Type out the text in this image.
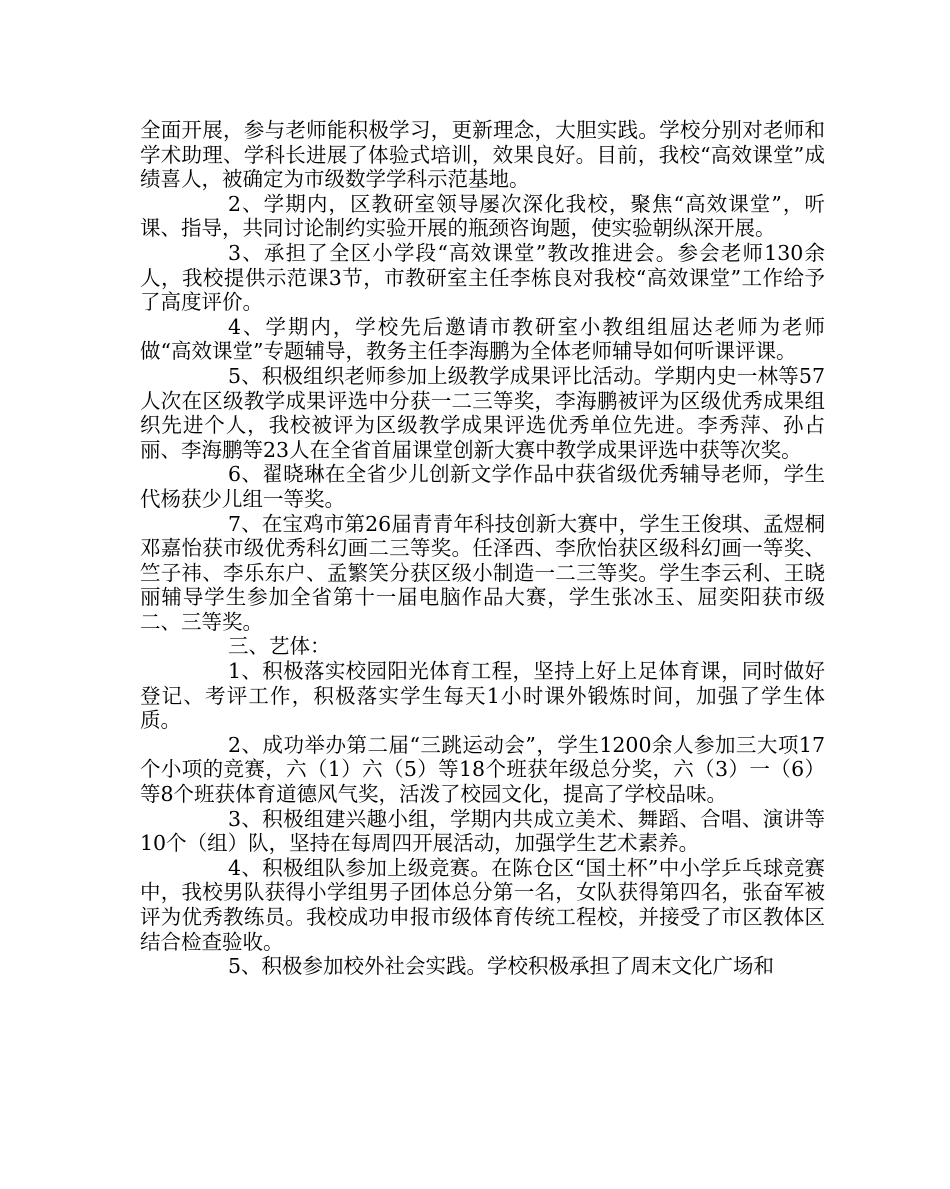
全面开展，参与老师能积极学习，更新理念，大胆实践。学校分别对老师和学术助理、学科长进展了体验式培训，效果良好。目前，我校“高效课堂”成绩喜人，被确定为市级数学学科示范基地。

2、学期内，区教研室领导屡次深化我校，聚焦“高效课堂”，听课、指导，共同讨论制约实验开展的瓶颈咨询题，使实验朝纵深开展。

3、承担了全区小学段“高效课堂”教改推进会。参会老师130余人，我校提供示范课3节，市教研室主任李栋良对我校“高效课堂”工作给予了高度评价。

4、学期内，学校先后邀请市教研室小教组组屈达老师为老师做“高效课堂”专题辅导，教务主任李海鹏为全体老师辅导如何听课评课。

5、积极组织老师参加上级教学成果评比活动。学期内史一林等57人次在区级教学成果评选中分获一二三等奖，李海鹏被评为区级优秀成果组织先进个人，我校被评为区级教学成果评选优秀单位先进。李秀萍、孙占丽、李海鹏等23人在全省首届课堂创新大赛中教学成果评选中获等次奖。

6、翟晓琳在全省少儿创新文学作品中获省级优秀辅导老师，学生代杨获少儿组一等奖。

7、在宝鸡市第26届青青年科技创新大赛中，学生王俊琪、孟煜桐邓嘉怡获市级优秀科幻画二三等奖。任泽西、李欣怡获区级科幻画一等奖、竺子祎、李乐东户、孟繁笑分获区级小制造一二三等奖。学生李云利、王晓丽辅导学生参加全省第十一届电脑作品大赛，学生张冰玉、屈奕阳获市级二、三等奖。

三、艺体：

1、积极落实校园阳光体育工程，坚持上好上足体育课，同时做好登记、考评工作，积极落实学生每天1小时课外锻炼时间，加强了学生体质。

2、成功举办第二届“三跳运动会”，学生1200余人参加三大项17个小项的竞赛，六（1）六（5）等18个班获年级总分奖，六（3）一（6）等8个班获体育道德风气奖，活泼了校园文化，提高了学校品味。

3、积极组建兴趣小组，学期内共成立美术、舞蹈、合唱、演讲等10个（组）队，坚持在每周四开展活动，加强学生艺术素养。

4、积极组队参加上级竞赛。在陈仓区“国土杯”中小学乒乓球竞赛中，我校男队获得小学组男子团体总分第一名，女队获得第四名，张奋军被评为优秀教练员。我校成功申报市级体育传统工程校，并接受了市区教体区结合检查验收。

5、积极参加校外社会实践。学校积极承担了周末文化广场和
